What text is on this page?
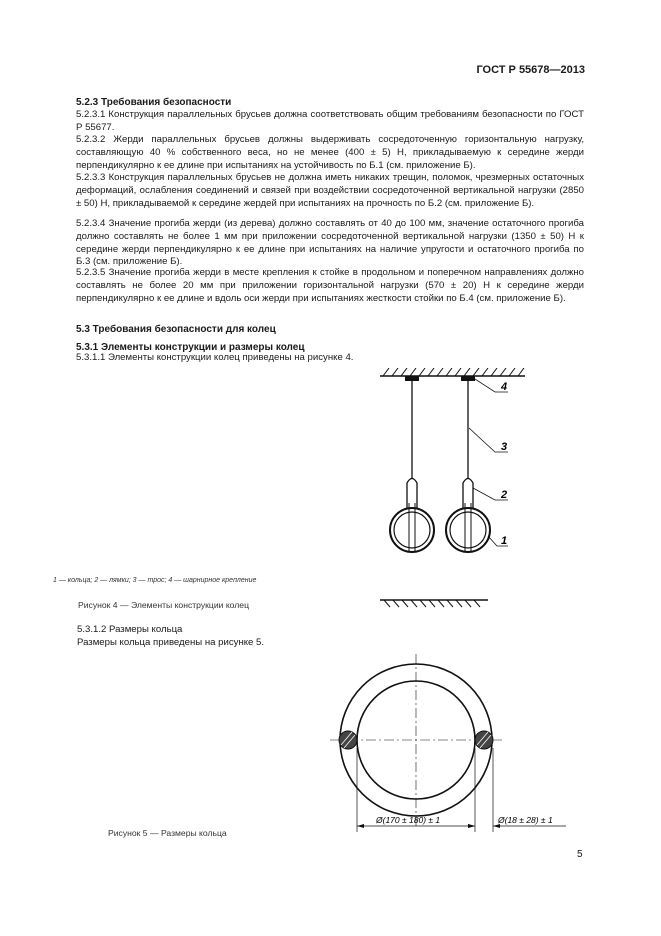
ГОСТ Р 55678—2013
5.2.3 Требования безопасности
5.2.3.1 Конструкция параллельных брусьев должна соответствовать общим требованиям безопасности по ГОСТ Р 55677.
5.2.3.2 Жерди параллельных брусьев должны выдерживать сосредоточенную горизонтальную нагрузку, составляющую 40 % собственного веса, но не менее (400 ± 5) Н, прикладываемую к середине жерди перпендикулярно к ее длине при испытаниях на устойчивость по Б.1 (см. приложение Б).
5.2.3.3 Конструкция параллельных брусьев не должна иметь никаких трещин, поломок, чрезмерных остаточных деформаций, ослабления соединений и связей при воздействии сосредоточенной вертикальной нагрузки (2850 ± 50) Н, прикладываемой к середине жердей при испытаниях на прочность по Б.2 (см. приложение Б).
5.2.3.4 Значение прогиба жерди (из дерева) должно составлять от 40 до 100 мм, значение остаточного прогиба должно составлять не более 1 мм при приложении сосредоточенной вертикальной нагрузки (1350 ± 50) Н к середине жерди перпендикулярно к ее длине при испытаниях на наличие упругости и остаточного прогиба по Б.3 (см. приложение Б).
5.2.3.5 Значение прогиба жерди в месте крепления к стойке в продольном и поперечном направлениях должно составлять не более 20 мм при приложении горизонтальной нагрузки (570 ± 20) Н к середине жерди перпендикулярно к ее длине и вдоль оси жерди при испытаниях жесткости стойки по Б.4 (см. приложение Б).
5.3 Требования безопасности для колец
5.3.1 Элементы конструкции и размеры колец
5.3.1.1 Элементы конструкции колец приведены на рисунке 4.
4
3
2
1
1 — кольца; 2 — лямки; 3 — трос; 4 — шарнирное крепление
Рисунок 4 — Элементы конструкции колец
5.3.1.2 Размеры кольца
Размеры кольца приведены на рисунке 5.
Ø(170 ± 180) ± 1	Ø(18 ± 28) ± 1
Рисунок 5 — Размеры кольца
5
